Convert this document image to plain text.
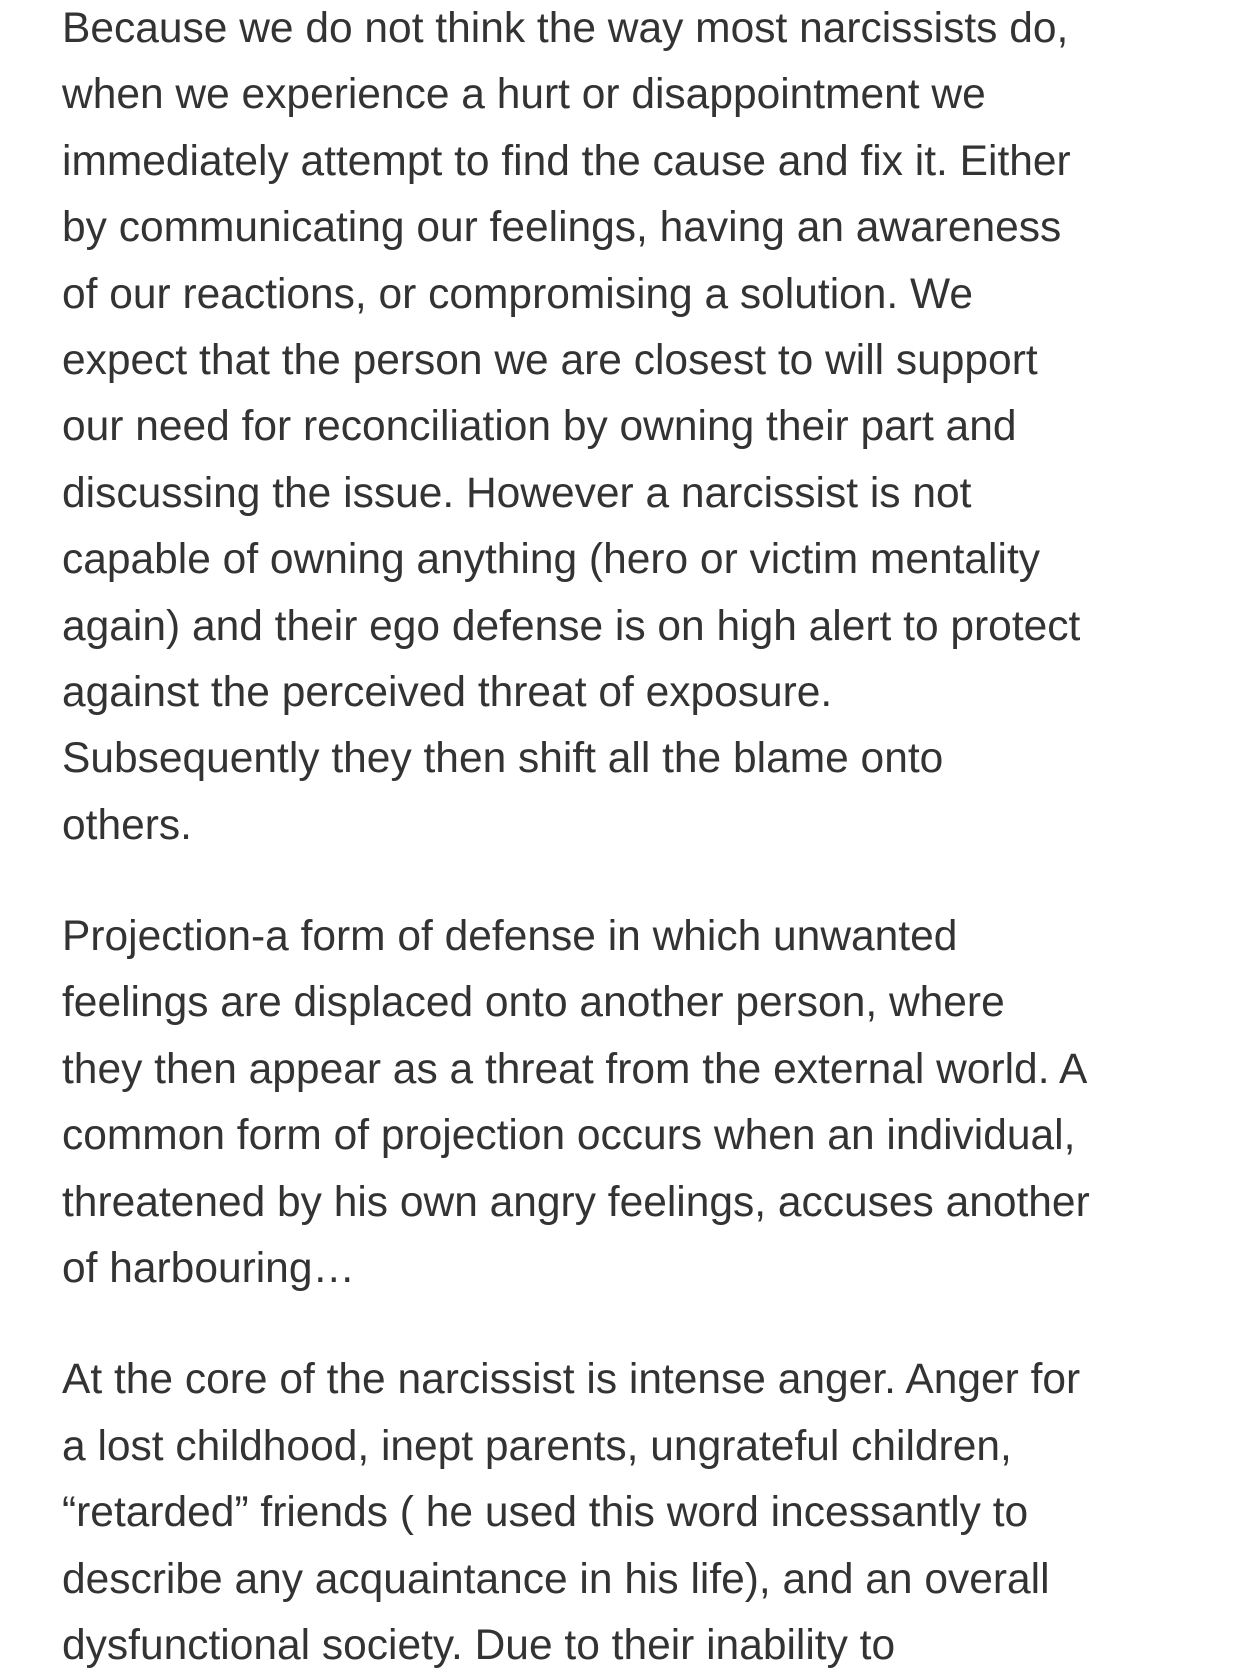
Because we do not think the way most narcissists do,
when we experience a hurt or disappointment we
immediately attempt to find the cause and fix it. Either
by communicating our feelings, having an awareness
of our reactions, or compromising a solution. We
expect that the person we are closest to will support
our need for reconciliation by owning their part and
discussing the issue. However a narcissist is not
capable of owning anything (hero or victim mentality
again) and their ego defense is on high alert to protect
against the perceived threat of exposure.
Subsequently they then shift all the blame onto
others.

Projection-a form of defense in which unwanted
feelings are displaced onto another person, where
they then appear as a threat from the external world. A
common form of projection occurs when an individual,
threatened by his own angry feelings, accuses another
of harbouring…

At the core of the narcissist is intense anger. Anger for
a lost childhood, inept parents, ungrateful children,
“retarded” friends ( he used this word incessantly to
describe any acquaintance in his life), and an overall
dysfunctional society. Due to their inability to
